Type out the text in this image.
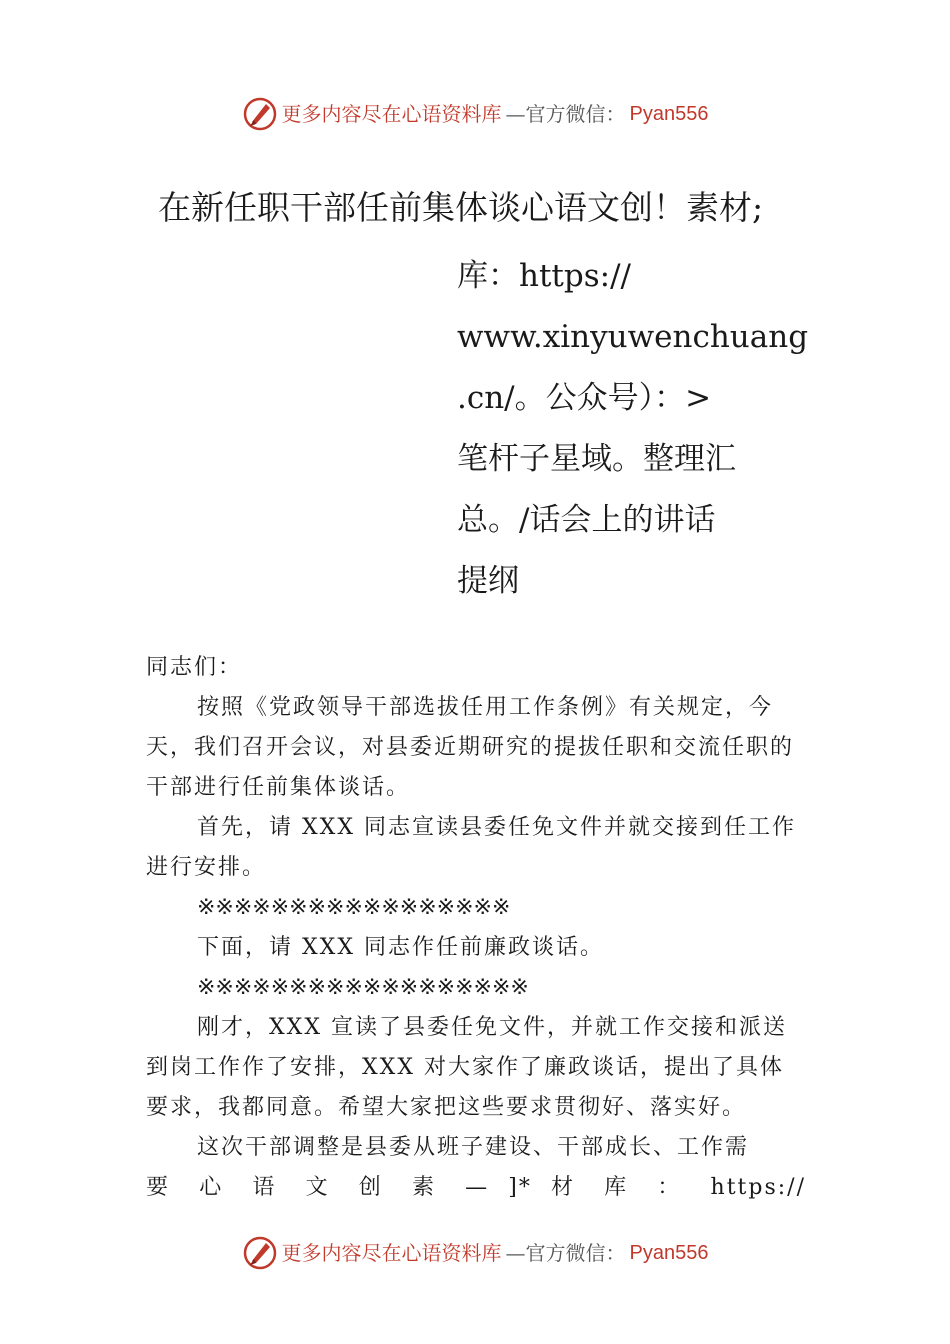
更多内容尽在心语资料库 —官方微信： Pyan556
在新任职干部任前集体谈心语文创！素材;
库：https://
www.xinyuwenchuang
.cn/。公众号）：>
笔杆子星域。整理汇
总。/话会上的讲话
提纲

同志们：

按照《党政领导干部选拔任用工作条例》有关规定，今天，我们召开会议，对县委近期研究的提拔任职和交流任职的干部进行任前集体谈话。

首先，请 XXX 同志宣读县委任免文件并就交接到任工作进行安排。

※※※※※※※※※※※※※※※※※

下面，请 XXX 同志作任前廉政谈话。

※※※※※※※※※※※※※※※※※※

刚才，XXX 宣读了县委任免文件，并就工作交接和派送到岗工作作了安排，XXX 对大家作了廉政谈话，提出了具体要求，我都同意。希望大家把这些要求贯彻好、落实好。

这次干部调整是县委从班子建设、干部成长、工作需

要 心 语 文 创 素 — ]* 材 库 ： https://

更多内容尽在心语资料库 —官方微信： Pyan556
